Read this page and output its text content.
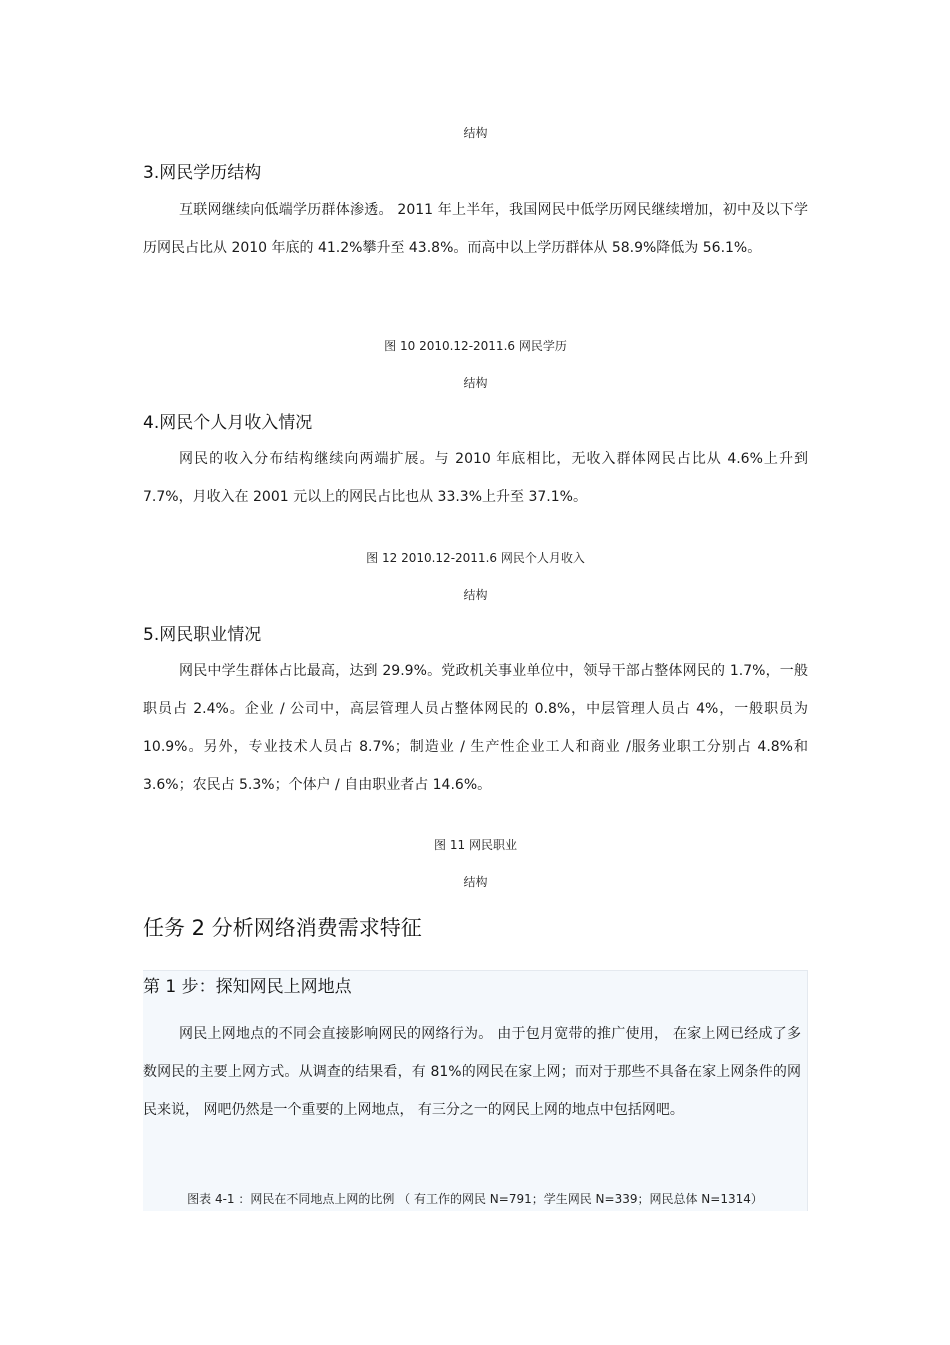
结构
3.网民学历结构

互联网继续向低端学历群体渗透。 2011 年上半年，我国网民中低学历网民继续增加，初中及以下学历网民占比从 2010 年底的 41.2%攀升至 43.8%。而高中以上学历群体从 58.9%降低为 56.1%。

图 10 2010.12-2011.6 网民学历
结构
4.网民个人月收入情况

网民的收入分布结构继续向两端扩展。与 2010 年底相比，无收入群体网民占比从 4.6%上升到 7.7%，月收入在 2001 元以上的网民占比也从 33.3%上升至 37.1%。

图 12 2010.12-2011.6 网民个人月收入
结构
5.网民职业情况

网民中学生群体占比最高，达到 29.9%。党政机关事业单位中，领导干部占整体网民的 1.7%，一般职员占 2.4%。企业 / 公司中，高层管理人员占整体网民的 0.8%，中层管理人员占 4%，一般职员为 10.9%。另外，专业技术人员占 8.7%；制造业 / 生产性企业工人和商业 /服务业职工分别占 4.8%和 3.6%；农民占 5.3%；个体户 / 自由职业者占 14.6%。

图 11 网民职业
结构
任务 2 分析网络消费需求特征
第 1 步：探知网民上网地点

网民上网地点的不同会直接影响网民的网络行为。 由于包月宽带的推广使用， 在家上网已经成了多数网民的主要上网方式。从调查的结果看，有 81%的网民在家上网；而对于那些不具备在家上网条件的网民来说， 网吧仍然是一个重要的上网地点， 有三分之一的网民上网的地点中包括网吧。

图表 4-1 ：网民在不同地点上网的比例 （ 有工作的网民 N=791；学生网民 N=339；网民总体 N=1314）
